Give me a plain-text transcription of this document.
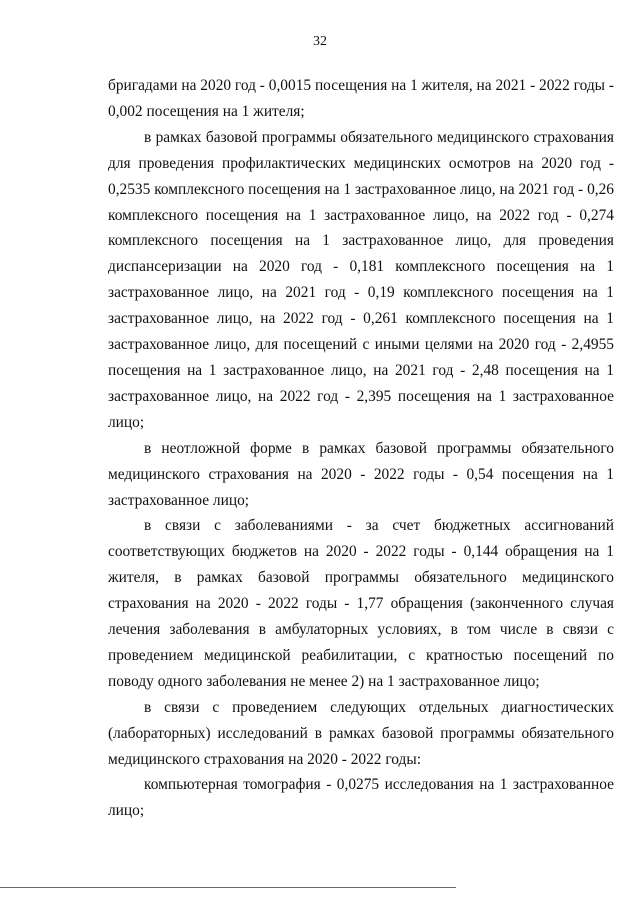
32

бригадами на 2020 год - 0,0015 посещения на 1 жителя, на 2021 - 2022 годы - 0,002 посещения на 1 жителя;

в рамках базовой программы обязательного медицинского страхования для проведения профилактических медицинских осмотров на 2020 год - 0,2535 комплексного посещения на 1 застрахованное лицо, на 2021 год - 0,26 комплексного посещения на 1 застрахованное лицо, на 2022 год - 0,274 комплексного посещения на 1 застрахованное лицо, для проведения диспансеризации на 2020 год - 0,181 комплексного посещения на 1 застрахованное лицо, на 2021 год - 0,19 комплексного посещения на 1 застрахованное лицо, на 2022 год - 0,261 комплексного посещения на 1 застрахованное лицо, для посещений с иными целями на 2020 год - 2,4955 посещения на 1 застрахованное лицо, на 2021 год - 2,48 посещения на 1 застрахованное лицо, на 2022 год - 2,395 посещения на 1 застрахованное лицо;

в неотложной форме в рамках базовой программы обязательного медицинского страхования на 2020 - 2022 годы - 0,54 посещения на 1 застрахованное лицо;

в связи с заболеваниями - за счет бюджетных ассигнований соответствующих бюджетов на 2020 - 2022 годы - 0,144 обращения на 1 жителя, в рамках базовой программы обязательного медицинского страхования на 2020 - 2022 годы - 1,77 обращения (законченного случая лечения заболевания в амбулаторных условиях, в том числе в связи с проведением медицинской реабилитации, с кратностью посещений по поводу одного заболевания не менее 2) на 1 застрахованное лицо;

в связи с проведением следующих отдельных диагностических (лабораторных) исследований в рамках базовой программы обязательного медицинского страхования на 2020 - 2022 годы:

компьютерная томография - 0,0275 исследования на 1 застрахованное лицо;
